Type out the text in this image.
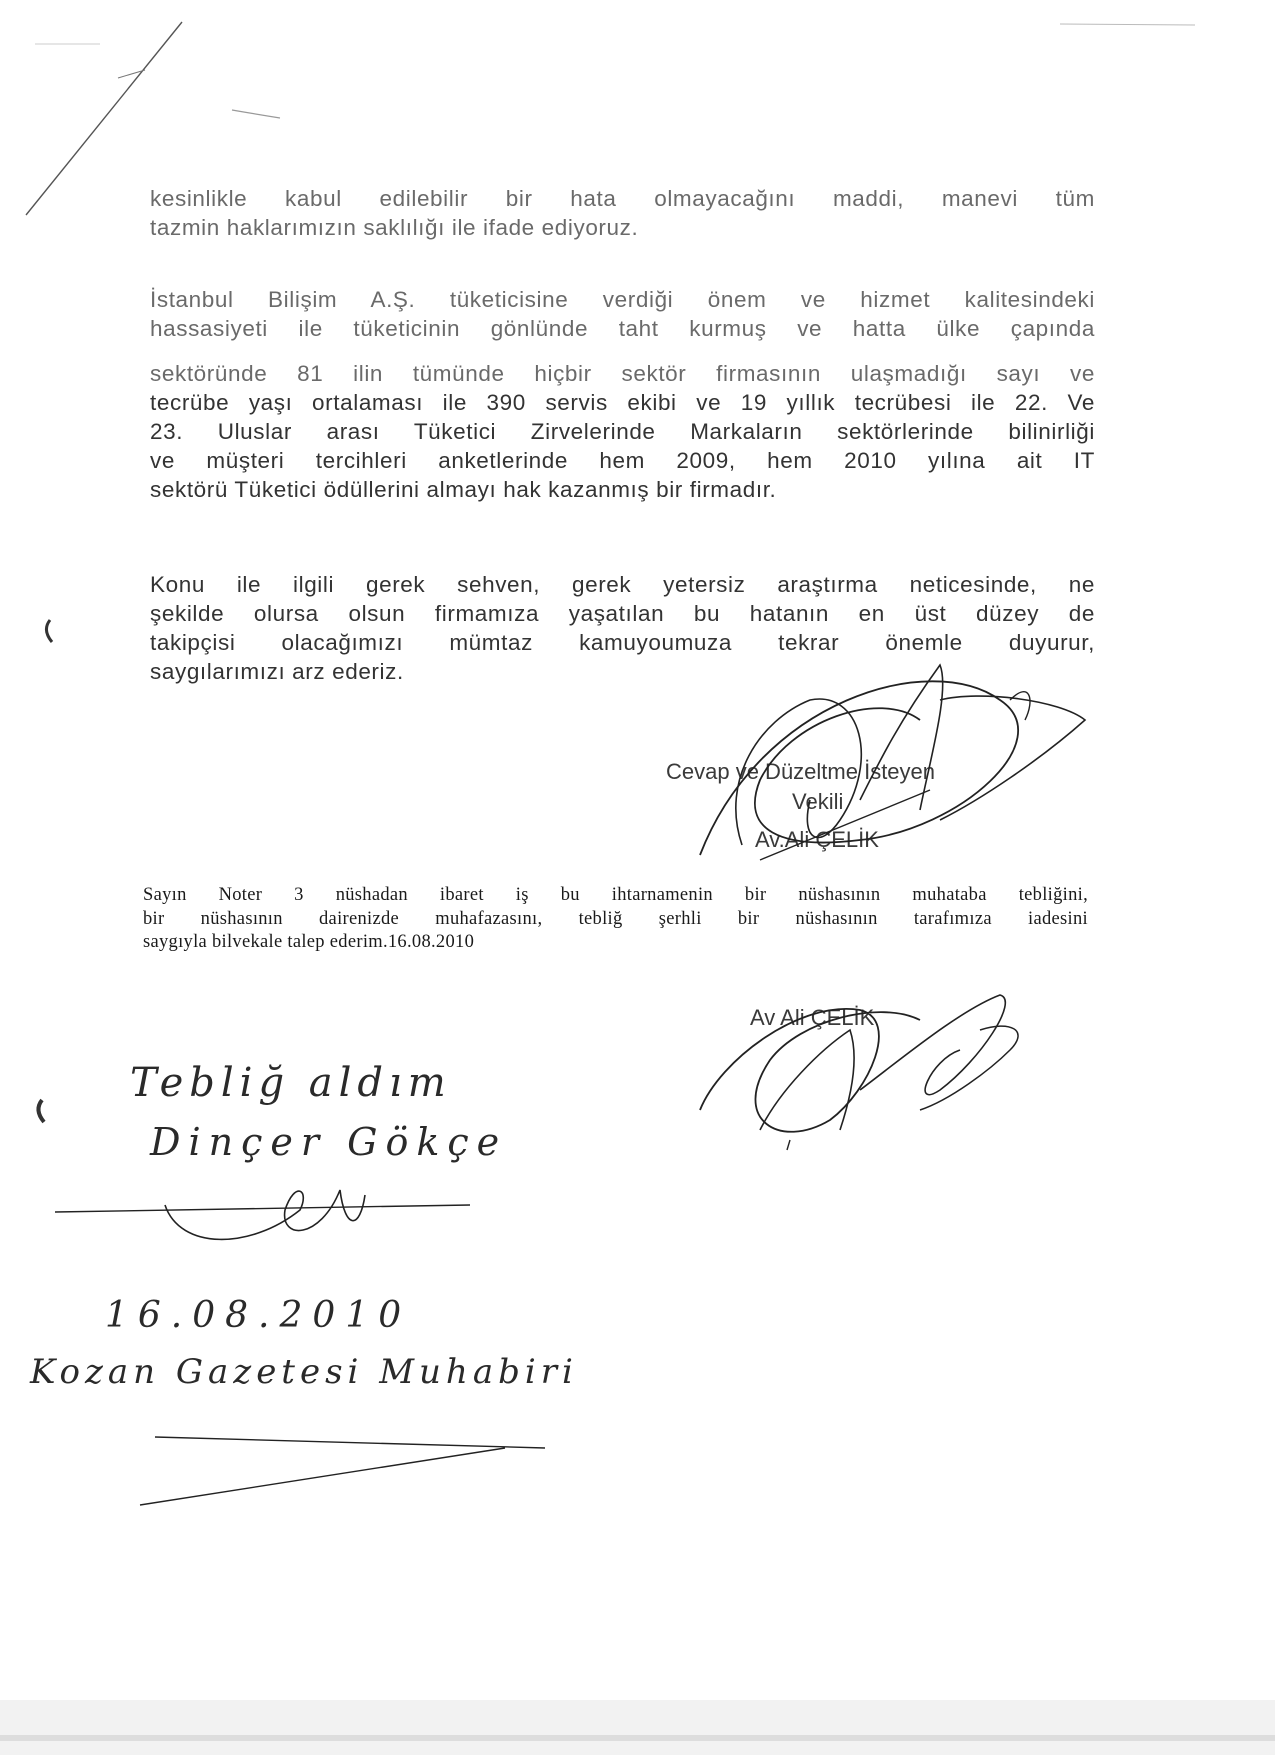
kesinlikle kabul edilebilir bir hata olmayacağını maddi, manevi tüm
tazmin haklarımızın saklılığı ile ifade ediyoruz.
İstanbul Bilişim A.Ş. tüketicisine verdiği önem ve hizmet kalitesindeki
hassasiyeti ile tüketicinin gönlünde taht kurmuş ve hatta ülke çapında
sektöründe 81 ilin tümünde hiçbir sektör firmasının ulaşmadığı sayı ve
tecrübe yaşı ortalaması ile 390 servis ekibi ve 19 yıllık tecrübesi ile 22. Ve
23. Uluslar arası Tüketici Zirvelerinde Markaların sektörlerinde bilinirliği
ve müşteri tercihleri anketlerinde hem 2009, hem 2010 yılına ait IT
sektörü Tüketici ödüllerini almayı hak kazanmış bir firmadır.
Konu ile ilgili gerek sehven, gerek yetersiz araştırma neticesinde, ne
şekilde olursa olsun firmamıza yaşatılan bu hatanın en üst düzey de
takipçisi olacağımızı mümtaz kamuyoumuza tekrar önemle duyurur,
saygılarımızı arz ederiz.
Cevap ve Düzeltme İsteyen
Vekili
Av.Ali ÇELİK
Sayın Noter 3 nüshadan ibaret iş bu ihtarnamenin bir nüshasının muhataba tebliğini,
bir nüshasının dairenizde muhafazasını, tebliğ şerhli bir nüshasının tarafımıza iadesini
saygıyla bilvekale talep ederim.16.08.2010
Av Ali ÇELİK
Tebliğ aldım
Dinçer Gökçe
16.08.2010
Kozan Gazetesi Muhabiri
